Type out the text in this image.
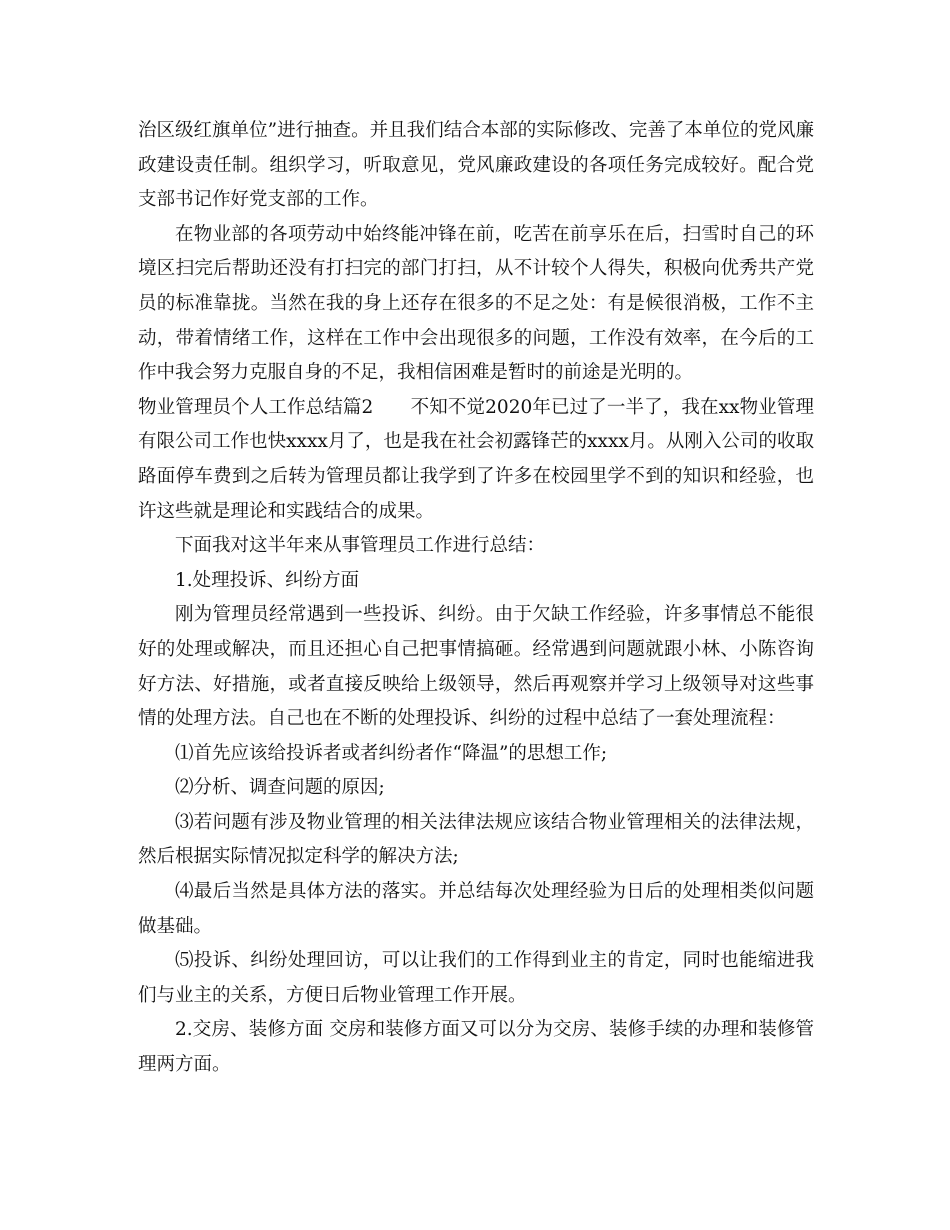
治区级红旗单位”进行抽查。并且我们结合本部的实际修改、完善了本单位的党风廉政建设责任制。组织学习，听取意见，党风廉政建设的各项任务完成较好。配合党支部书记作好党支部的工作。

在物业部的各项劳动中始终能冲锋在前，吃苦在前享乐在后，扫雪时自己的环境区扫完后帮助还没有打扫完的部门打扫，从不计较个人得失，积极向优秀共产党员的标准靠拢。当然在我的身上还存在很多的不足之处：有是候很消极，工作不主动，带着情绪工作，这样在工作中会出现很多的问题，工作没有效率，在今后的工作中我会努力克服自身的不足，我相信困难是暂时的前途是光明的。

物业管理员个人工作总结篇2　　不知不觉2020年已过了一半了，我在xx物业管理有限公司工作也快xxxx月了，也是我在社会初露锋芒的xxxx月。从刚入公司的收取路面停车费到之后转为管理员都让我学到了许多在校园里学不到的知识和经验，也许这些就是理论和实践结合的成果。

下面我对这半年来从事管理员工作进行总结：

1.处理投诉、纠纷方面

刚为管理员经常遇到一些投诉、纠纷。由于欠缺工作经验，许多事情总不能很好的处理或解决，而且还担心自己把事情搞砸。经常遇到问题就跟小林、小陈咨询好方法、好措施，或者直接反映给上级领导，然后再观察并学习上级领导对这些事情的处理方法。自己也在不断的处理投诉、纠纷的过程中总结了一套处理流程：

⑴首先应该给投诉者或者纠纷者作“降温”的思想工作;

⑵分析、调查问题的原因;

⑶若问题有涉及物业管理的相关法律法规应该结合物业管理相关的法律法规，然后根据实际情况拟定科学的解决方法;

⑷最后当然是具体方法的落实。并总结每次处理经验为日后的处理相类似问题做基础。

⑸投诉、纠纷处理回访，可以让我们的工作得到业主的肯定，同时也能缩进我们与业主的关系，方便日后物业管理工作开展。

2.交房、装修方面 交房和装修方面又可以分为交房、装修手续的办理和装修管理两方面。
